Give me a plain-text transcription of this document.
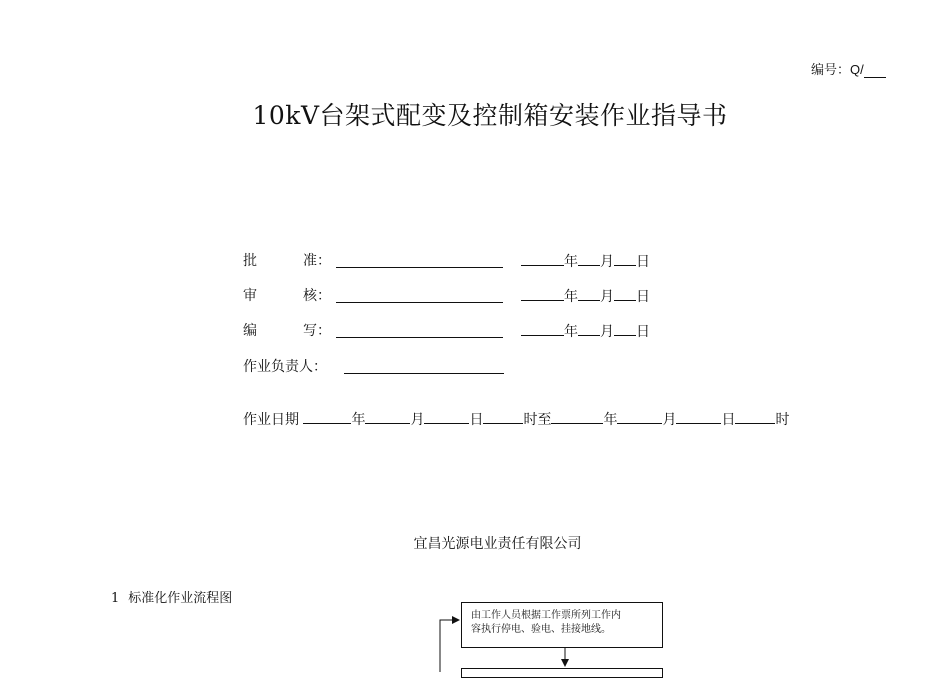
编号：Q/
10kV台架式配变及控制箱安装作业指导书
批	准：	年 月 日
审	核：	年 月 日
编	写：	年 月 日
作业负责人：
作业日期	年	月	日	时至	年	月	日	时
宜昌光源电业责任有限公司
1 标准化作业流程图
由工作人员根据工作票所列工作内
容执行停电、验电、挂接地线。
